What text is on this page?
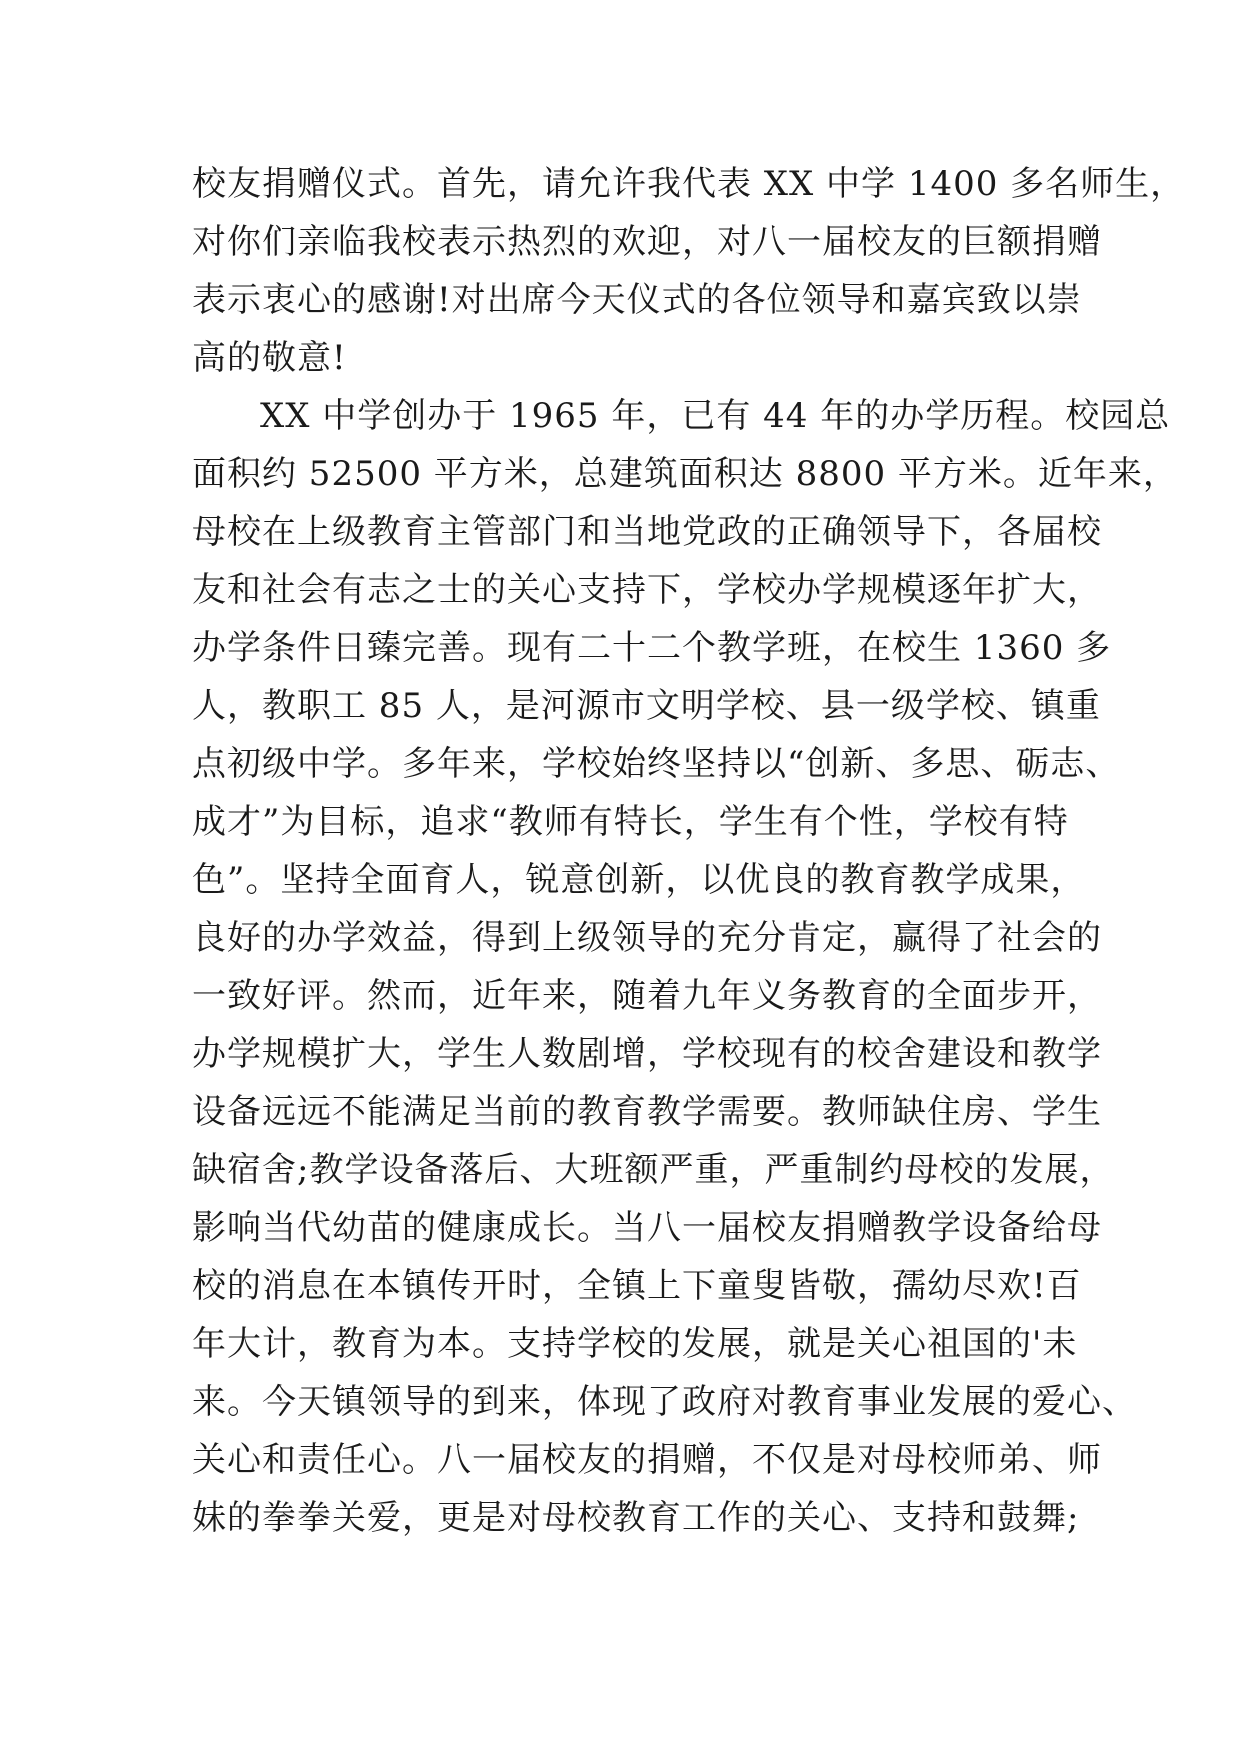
校友捐赠仪式。首先，请允许我代表 XX 中学 1400 多名师生，
对你们亲临我校表示热烈的欢迎，对八一届校友的巨额捐赠
表示衷心的感谢!对出席今天仪式的各位领导和嘉宾致以崇
高的敬意!
XX 中学创办于 1965 年，已有 44 年的办学历程。校园总
面积约 52500 平方米，总建筑面积达 8800 平方米。近年来，
母校在上级教育主管部门和当地党政的正确领导下，各届校
友和社会有志之士的关心支持下，学校办学规模逐年扩大，
办学条件日臻完善。现有二十二个教学班，在校生 1360 多
人，教职工 85 人，是河源市文明学校、县一级学校、镇重
点初级中学。多年来，学校始终坚持以“创新、多思、砺志、
成才”为目标，追求“教师有特长，学生有个性，学校有特
色”。坚持全面育人，锐意创新，以优良的教育教学成果，
良好的办学效益，得到上级领导的充分肯定，赢得了社会的
一致好评。然而，近年来，随着九年义务教育的全面步开，
办学规模扩大，学生人数剧增，学校现有的校舍建设和教学
设备远远不能满足当前的教育教学需要。教师缺住房、学生
缺宿舍;教学设备落后、大班额严重，严重制约母校的发展，
影响当代幼苗的健康成长。当八一届校友捐赠教学设备给母
校的消息在本镇传开时，全镇上下童叟皆敬，孺幼尽欢!百
年大计，教育为本。支持学校的发展，就是关心祖国的'未
来。今天镇领导的到来，体现了政府对教育事业发展的爱心、
关心和责任心。八一届校友的捐赠，不仅是对母校师弟、师
妹的拳拳关爱，更是对母校教育工作的关心、支持和鼓舞;
